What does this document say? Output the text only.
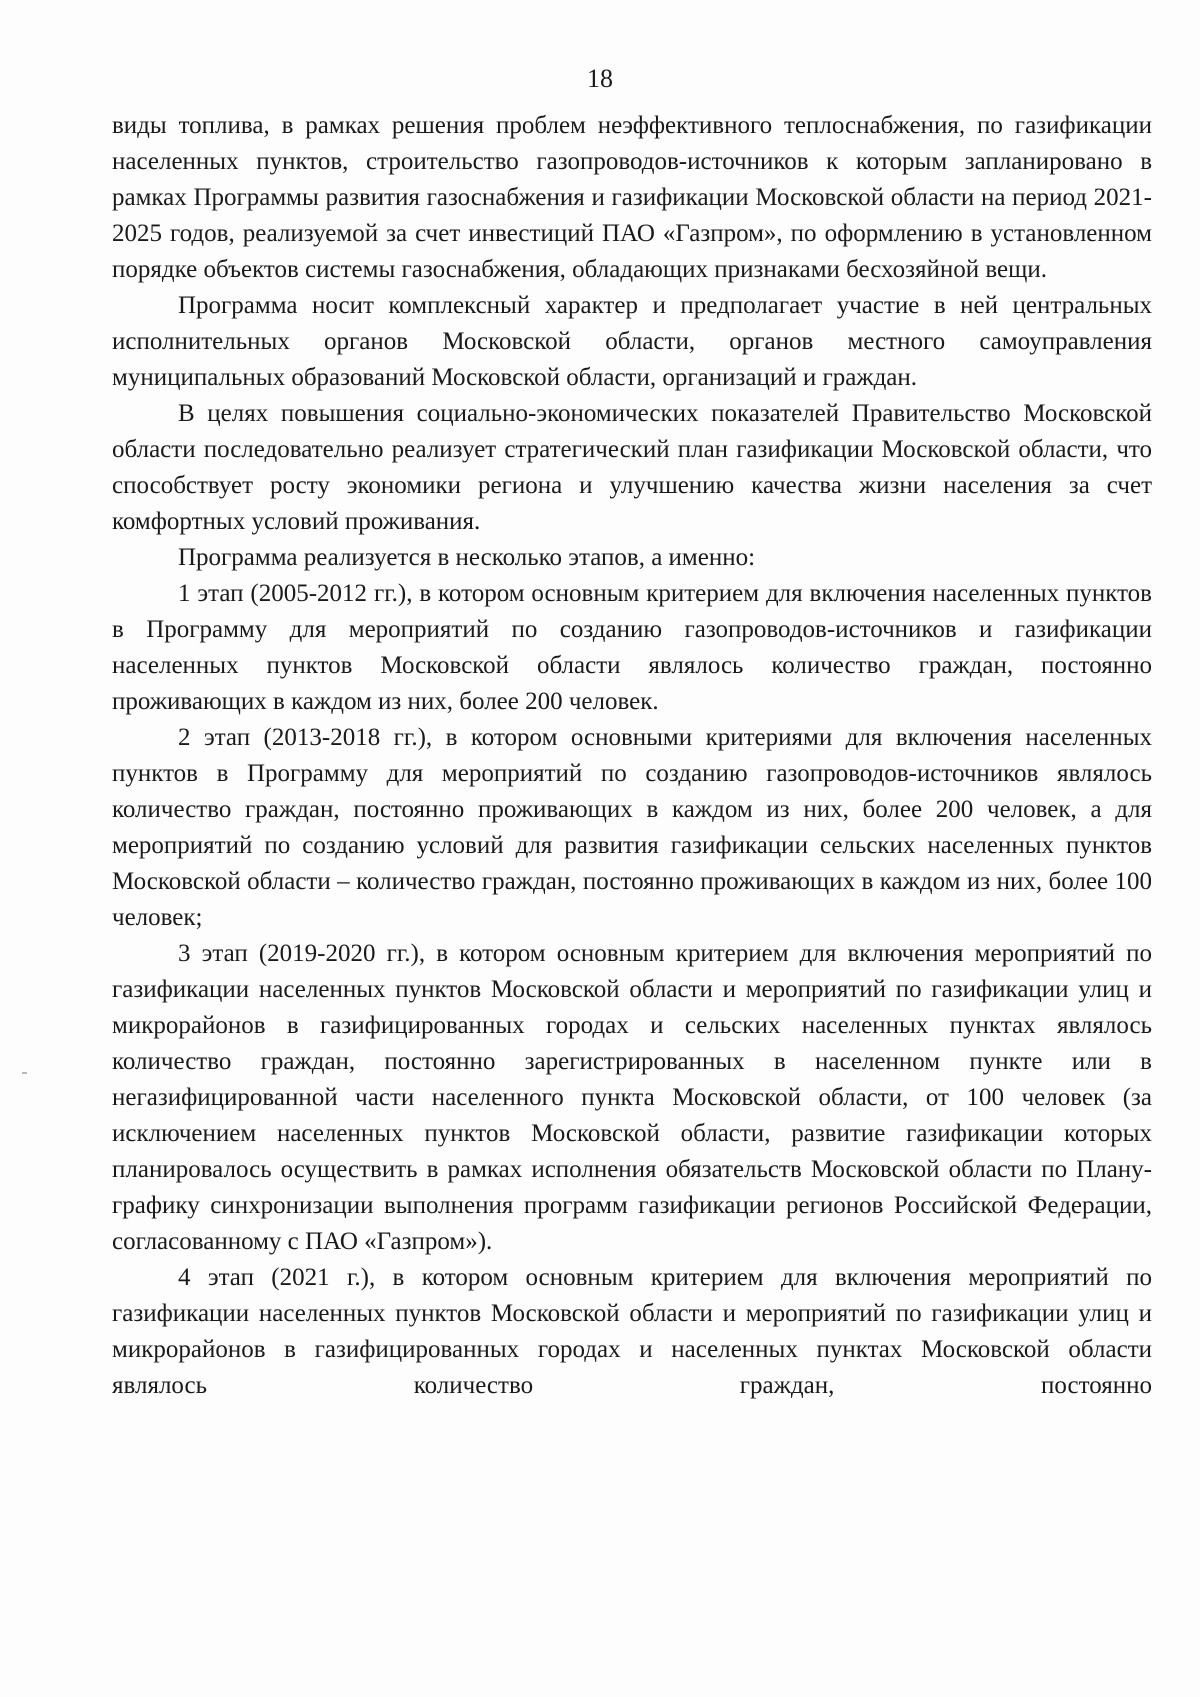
18

виды топлива, в рамках решения проблем неэффективного теплоснабжения, по газификации населенных пунктов, строительство газопроводов-источников к которым запланировано в рамках Программы развития газоснабжения и газификации Московской области на период 2021-2025 годов, реализуемой за счет инвестиций ПАО «Газпром», по оформлению в установленном порядке объектов системы газоснабжения, обладающих признаками бесхозяйной вещи.

Программа носит комплексный характер и предполагает участие в ней центральных исполнительных органов Московской области, органов местного самоуправления муниципальных образований Московской области, организаций и граждан.

В целях повышения социально-экономических показателей Правительство Московской области последовательно реализует стратегический план газификации Московской области, что способствует росту экономики региона и улучшению качества жизни населения за счет комфортных условий проживания.

Программа реализуется в несколько этапов, а именно:

1 этап (2005-2012 гг.), в котором основным критерием для включения населенных пунктов в Программу для мероприятий по созданию газопроводов-источников и газификации населенных пунктов Московской области являлось количество граждан, постоянно проживающих в каждом из них, более 200 человек.

2 этап (2013-2018 гг.), в котором основными критериями для включения населенных пунктов в Программу для мероприятий по созданию газопроводов-источников являлось количество граждан, постоянно проживающих в каждом из них, более 200 человек, а для мероприятий по созданию условий для развития газификации сельских населенных пунктов Московской области – количество граждан, постоянно проживающих в каждом из них, более 100 человек;

3 этап (2019-2020 гг.), в котором основным критерием для включения мероприятий по газификации населенных пунктов Московской области и мероприятий по газификации улиц и микрорайонов в газифицированных городах и сельских населенных пунктах являлось количество граждан, постоянно зарегистрированных в населенном пункте или в негазифицированной части населенного пункта Московской области, от 100 человек (за исключением населенных пунктов Московской области, развитие газификации которых планировалось осуществить в рамках исполнения обязательств Московской области по Плану-графику синхронизации выполнения программ газификации регионов Российской Федерации, согласованному с ПАО «Газпром»).

4 этап (2021 г.), в котором основным критерием для включения мероприятий по газификации населенных пунктов Московской области и мероприятий по газификации улиц и микрорайонов в газифицированных городах и населенных пунктах Московской области являлось количество граждан, постоянно
